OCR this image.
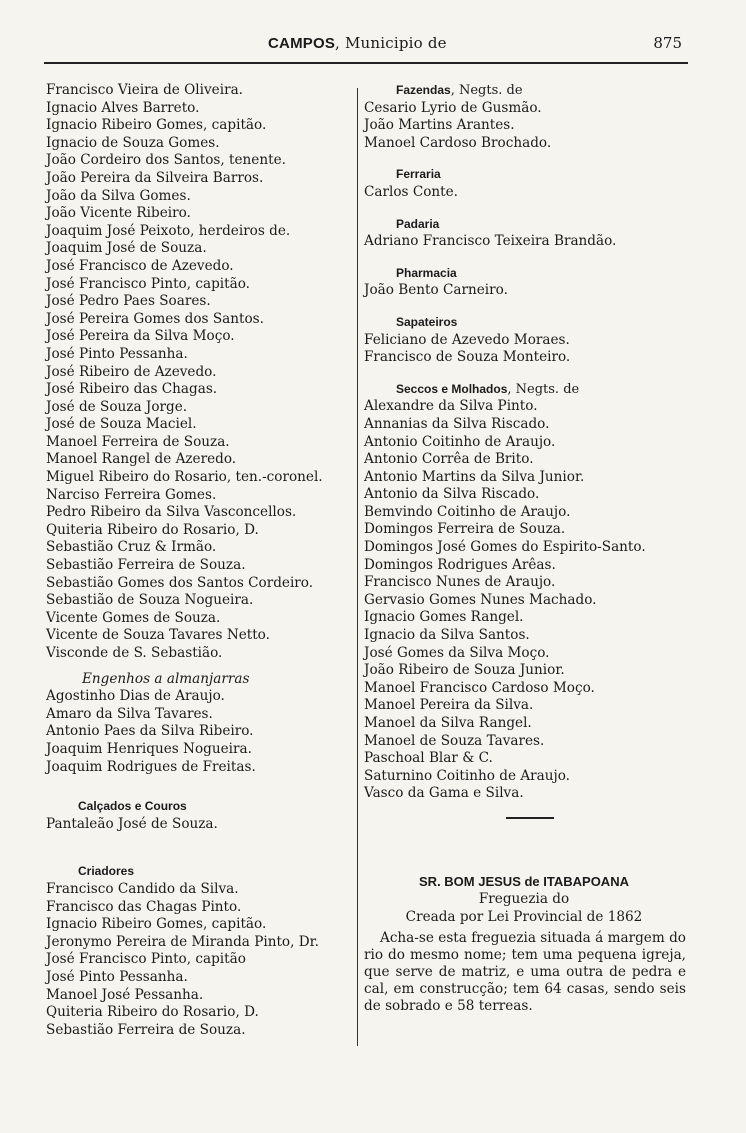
CAMPOS, Municipio de	875
Francisco Vieira de Oliveira.
Ignacio Alves Barreto.
Ignacio Ribeiro Gomes, capitão.
Ignacio de Souza Gomes.
João Cordeiro dos Santos, tenente.
João Pereira da Silveira Barros.
João da Silva Gomes.
João Vicente Ribeiro.
Joaquim José Peixoto, herdeiros de.
Joaquim José de Souza.
José Francisco de Azevedo.
José Francisco Pinto, capitão.
José Pedro Paes Soares.
José Pereira Gomes dos Santos.
José Pereira da Silva Moço.
José Pinto Pessanha.
José Ribeiro de Azevedo.
José Ribeiro das Chagas.
José de Souza Jorge.
José de Souza Maciel.
Manoel Ferreira de Souza.
Manoel Rangel de Azeredo.
Miguel Ribeiro do Rosario, ten.-coronel.
Narciso Ferreira Gomes.
Pedro Ribeiro da Silva Vasconcellos.
Quiteria Ribeiro do Rosario, D.
Sebastião Cruz & Irmão.
Sebastião Ferreira de Souza.
Sebastião Gomes dos Santos Cordeiro.
Sebastião de Souza Nogueira.
Vicente Gomes de Souza.
Vicente de Souza Tavares Netto.
Visconde de S. Sebastião.
Engenhos a almanjarras
Agostinho Dias de Araujo.
Amaro da Silva Tavares.
Antonio Paes da Silva Ribeiro.
Joaquim Henriques Nogueira.
Joaquim Rodrigues de Freitas.
Calçados e Couros
Pantaleão José de Souza.
Criadores
Francisco Candido da Silva.
Francisco das Chagas Pinto.
Ignacio Ribeiro Gomes, capitão.
Jeronymo Pereira de Miranda Pinto, Dr.
José Francisco Pinto, capitão
José Pinto Pessanha.
Manoel José Pessanha.
Quiteria Ribeiro do Rosario, D.
Sebastião Ferreira de Souza.
Fazendas, Negts. de
Cesario Lyrio de Gusmão.
João Martins Arantes.
Manoel Cardoso Brochado.
Ferraria
Carlos Conte.
Padaria
Adriano Francisco Teixeira Brandão.
Pharmacia
João Bento Carneiro.
Sapateiros
Feliciano de Azevedo Moraes.
Francisco de Souza Monteiro.
Seccos e Molhados, Negts. de
Alexandre da Silva Pinto.
Annanias da Silva Riscado.
Antonio Coitinho de Araujo.
Antonio Corrêa de Brito.
Antonio Martins da Silva Junior.
Antonio da Silva Riscado.
Bemvindo Coitinho de Araujo.
Domingos Ferreira de Souza.
Domingos José Gomes do Espirito-Santo.
Domingos Rodrigues Arêas.
Francisco Nunes de Araujo.
Gervasio Gomes Nunes Machado.
Ignacio Gomes Rangel.
Ignacio da Silva Santos.
José Gomes da Silva Moço.
João Ribeiro de Souza Junior.
Manoel Francisco Cardoso Moço.
Manoel Pereira da Silva.
Manoel da Silva Rangel.
Manoel de Souza Tavares.
Paschoal Blar & C.
Saturnino Coitinho de Araujo.
Vasco da Gama e Silva.
SR. BOM JESUS de ITABAPOANA
Freguezia do
Creada por Lei Provincial de 1862
Acha-se esta freguezia situada á margem do rio do mesmo nome; tem uma pequena igreja, que serve de matriz, e uma outra de pedra e cal, em construcção; tem 64 casas, sendo seis de sobrado e 58 terreas.
